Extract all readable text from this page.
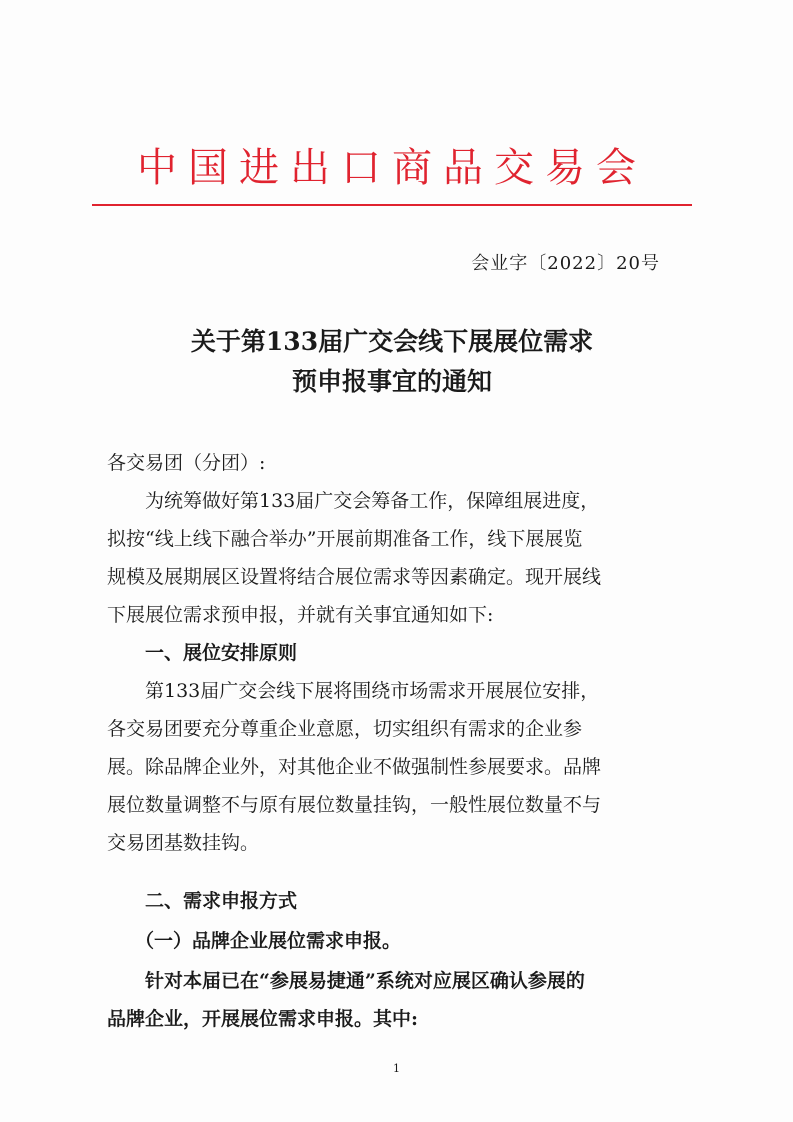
中国进出口商品交易会
会业字〔2022〕20号
关于第133届广交会线下展展位需求
预申报事宜的通知
各交易团（分团）:
为统筹做好第133届广交会筹备工作，保障组展进度，
拟按“线上线下融合举办”开展前期准备工作，线下展展览
规模及展期展区设置将结合展位需求等因素确定。现开展线
下展展位需求预申报，并就有关事宜通知如下:
一、展位安排原则
第133届广交会线下展将围绕市场需求开展展位安排，
各交易团要充分尊重企业意愿，切实组织有需求的企业参
展。除品牌企业外，对其他企业不做强制性参展要求。品牌
展位数量调整不与原有展位数量挂钩，一般性展位数量不与
交易团基数挂钩。
二、需求申报方式
（一）品牌企业展位需求申报。
针对本届已在“参展易捷通”系统对应展区确认参展的
品牌企业，开展展位需求申报。其中:
1
